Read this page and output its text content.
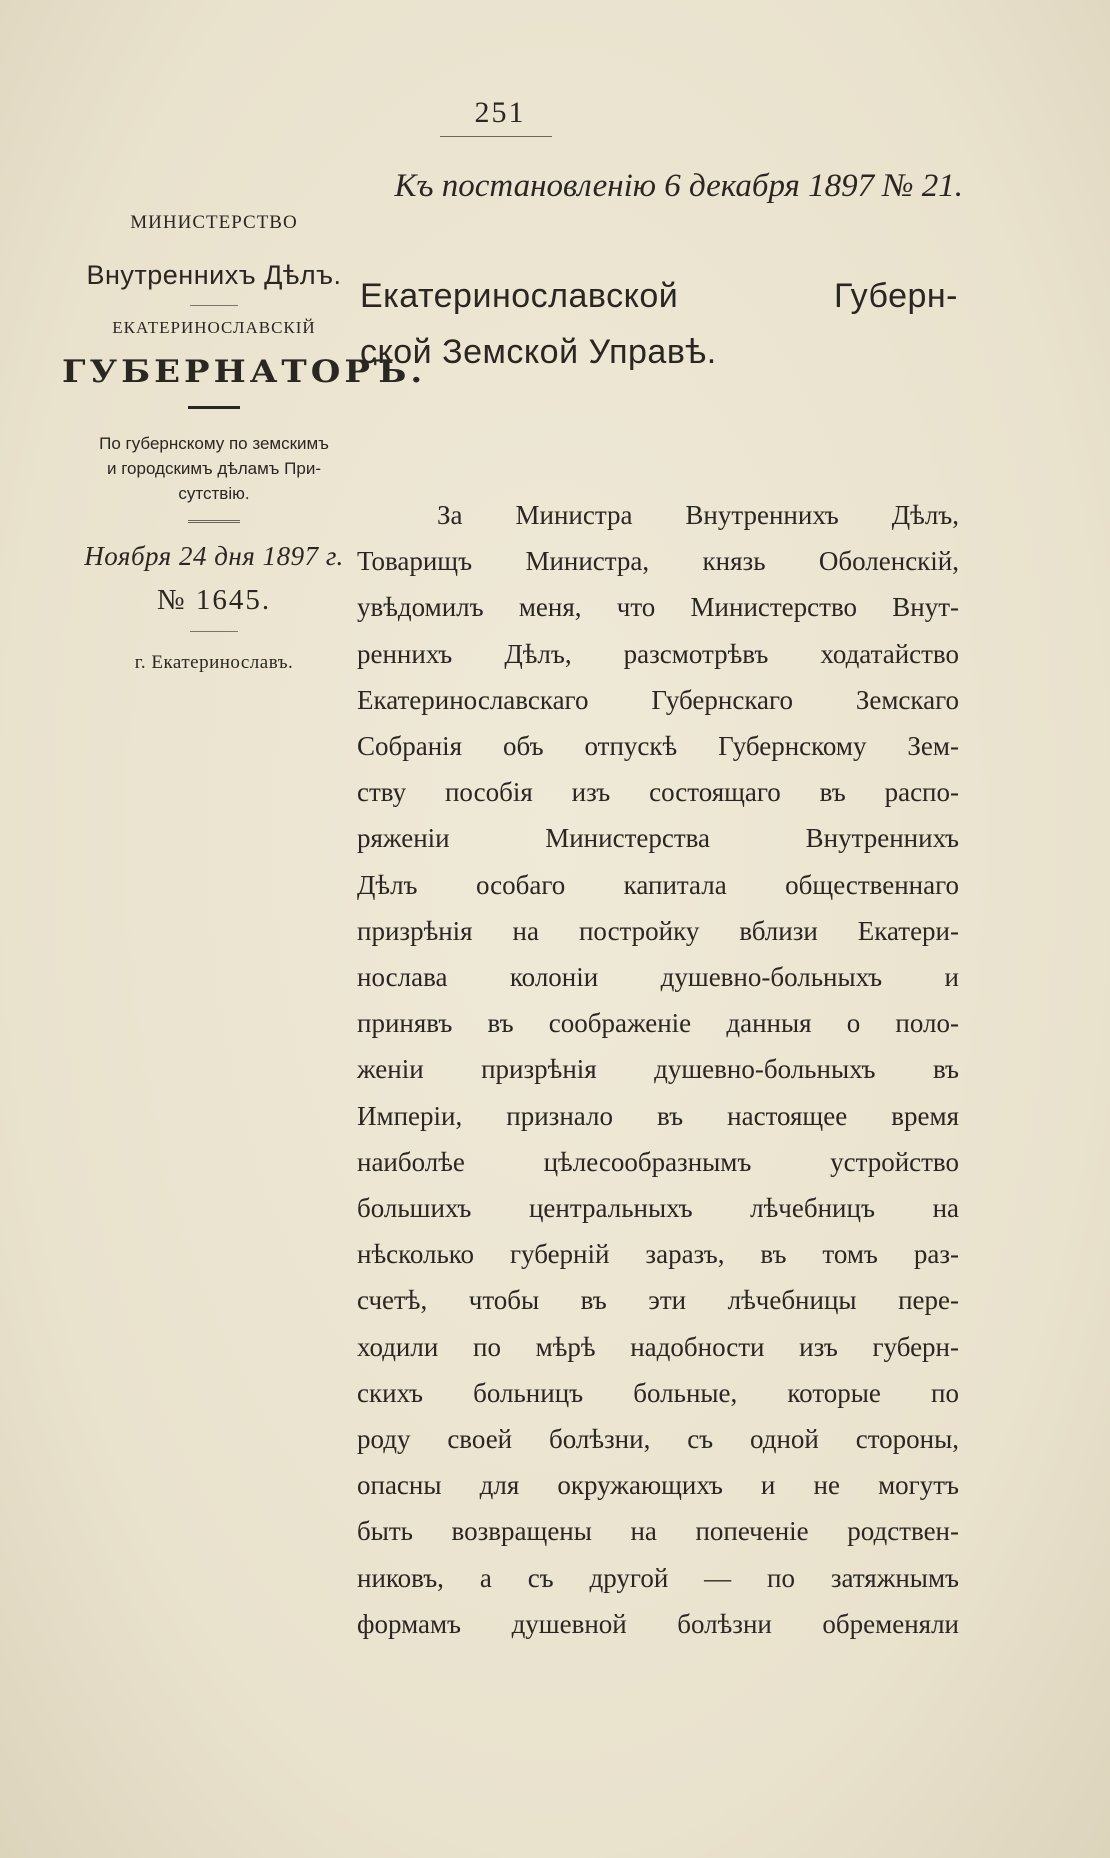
251
Къ постановленію 6 декабря 1897 № 21.
МИНИСТЕРСТВО
Внутреннихъ Дѣлъ.
ЕКАТЕРИНОСЛАВСКІЙ
ГУБЕРНАТОРЪ.
По губернскому по земскимъ
и городскимъ дѣламъ При-
сутствію.
Ноября 24 дня 1897 г.
№ 1645.
г. Екатеринославъ.
Екатеринославской Губерн-
ской Земской Управѣ.
За Министра Внутреннихъ Дѣлъ,
Товарищъ Министра, князь Оболенскій,
увѣдомилъ меня, что Министерство Внут-
реннихъ Дѣлъ, разсмотрѣвъ ходатайство
Екатеринославскаго Губернскаго Земскаго
Собранія объ отпускѣ Губернскому Зем-
ству пособія изъ состоящаго въ распо-
ряженіи Министерства Внутреннихъ
Дѣлъ особаго капитала общественнаго
призрѣнія на постройку вблизи Екатери-
нослава колоніи душевно-больныхъ и
принявъ въ соображеніе данныя о поло-
женіи призрѣнія душевно-больныхъ въ
Имперіи, признало въ настоящее время
наиболѣе цѣлесообразнымъ устройство
большихъ центральныхъ лѣчебницъ на
нѣсколько губерній заразъ, въ томъ раз-
счетѣ, чтобы въ эти лѣчебницы пере-
ходили по мѣрѣ надобности изъ губерн-
скихъ больницъ больные, которые по
роду своей болѣзни, съ одной стороны,
опасны для окружающихъ и не могутъ
быть возвращены на попеченіе родствен-
никовъ, а съ другой — по затяжнымъ
формамъ душевной болѣзни обременяли
